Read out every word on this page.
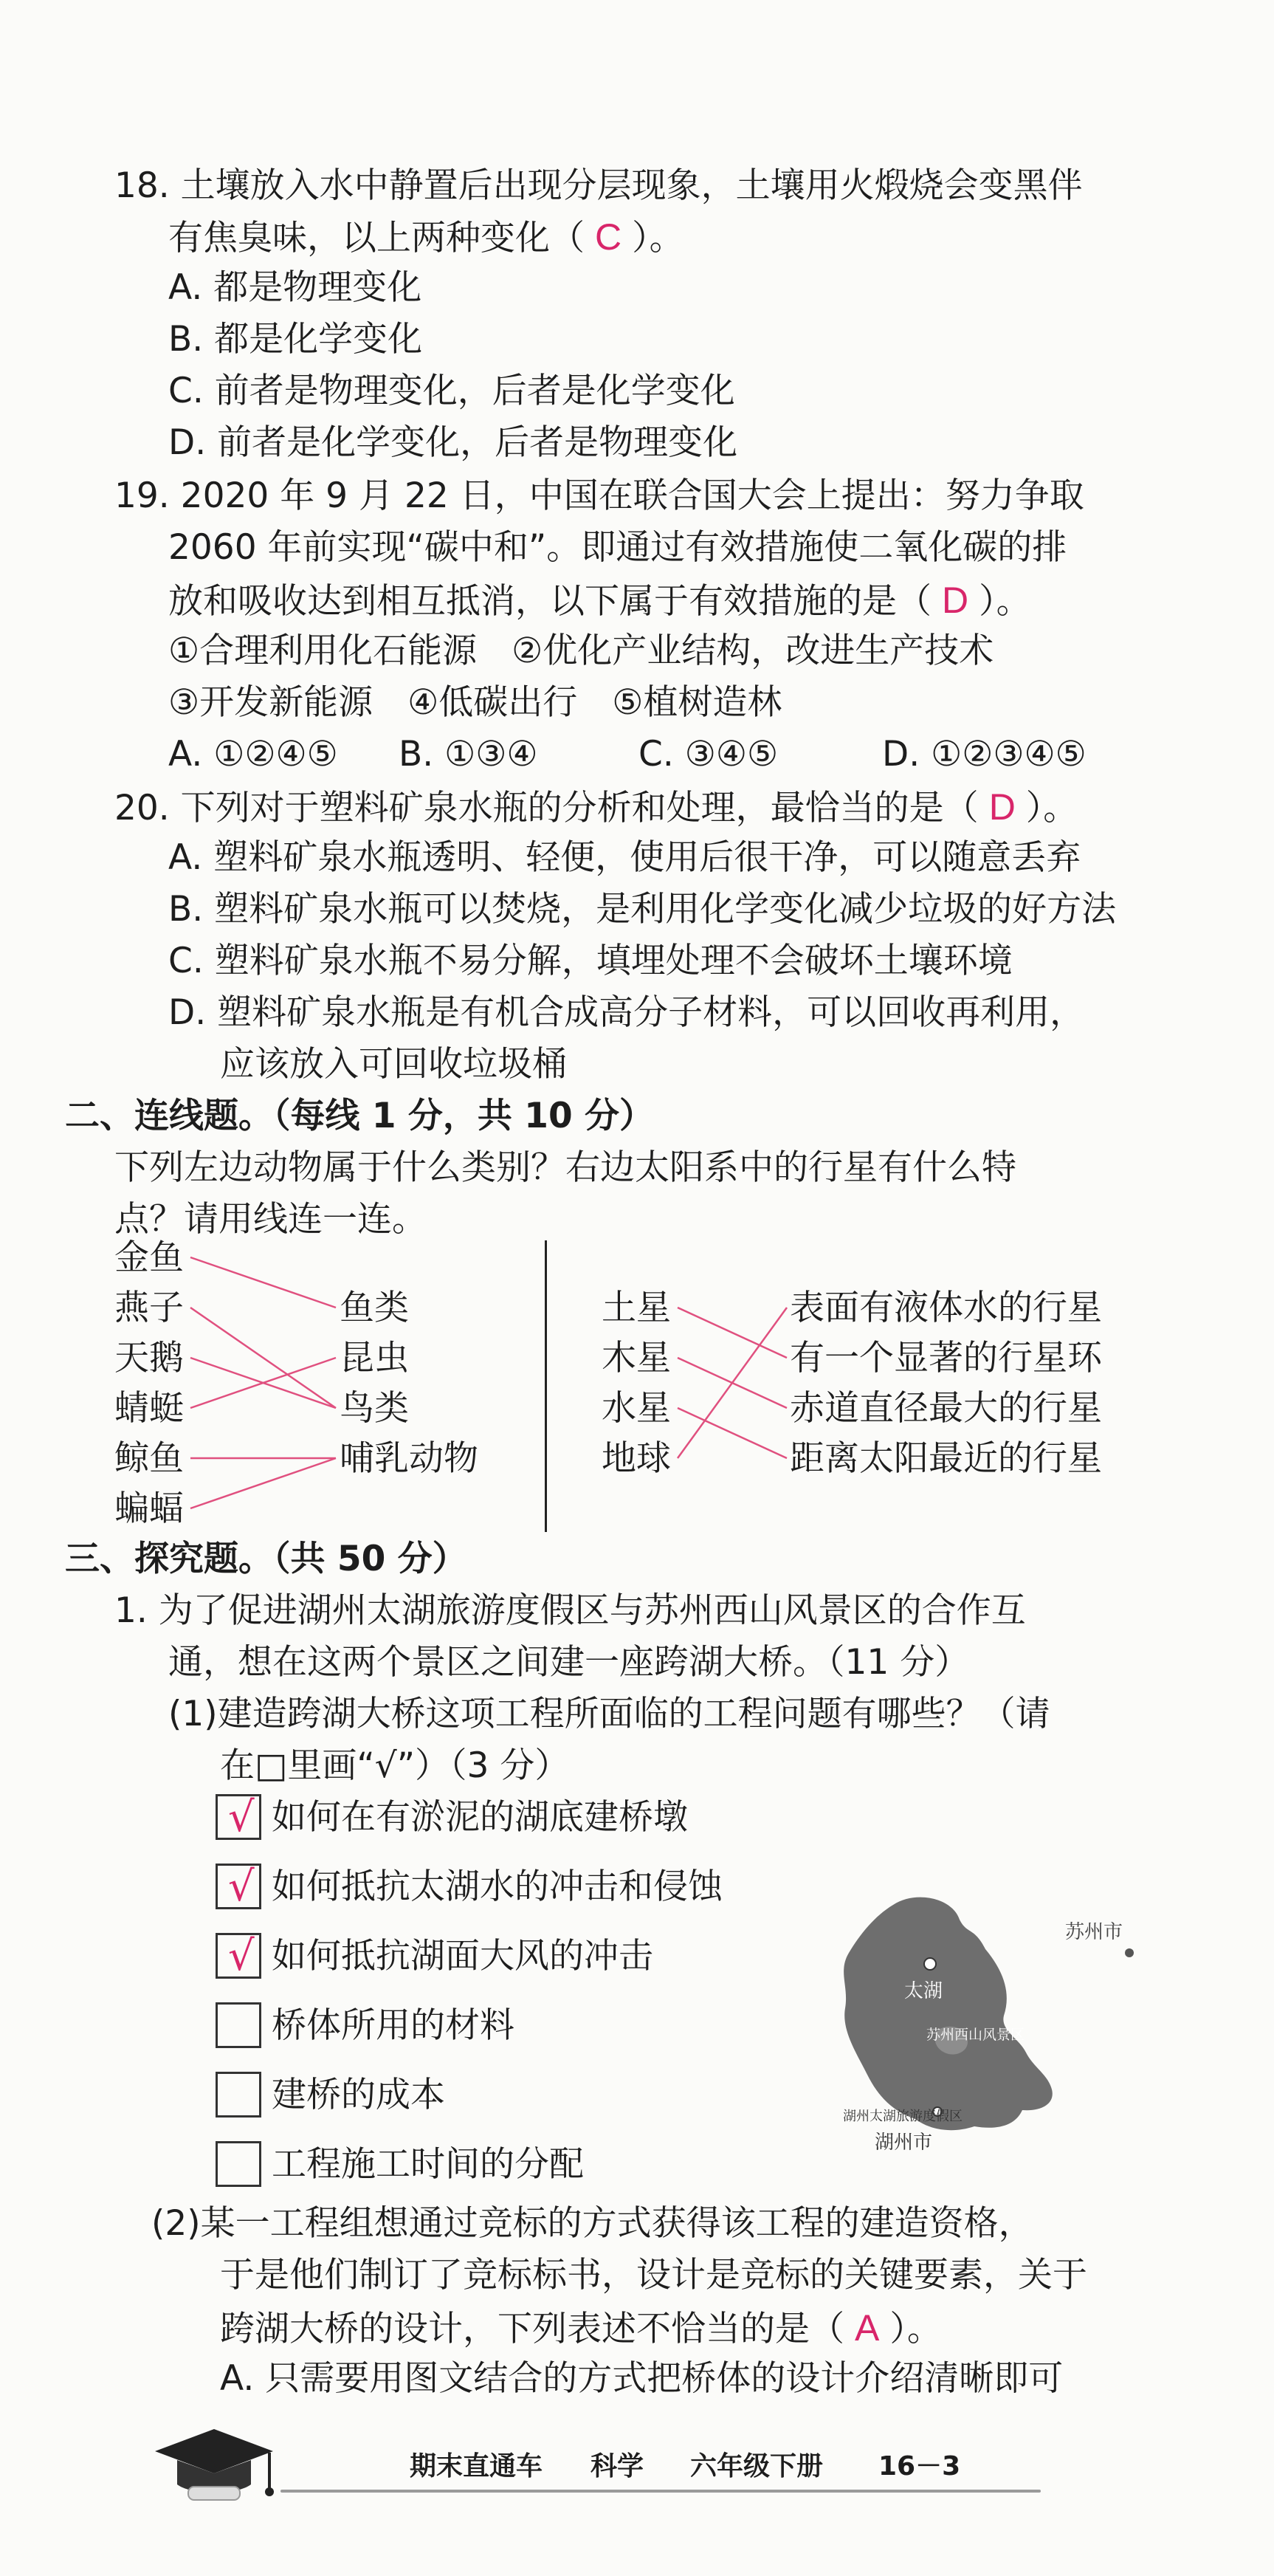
18. 土壤放入水中静置后出现分层现象，土壤用火煅烧会变黑伴
有焦臭味，以上两种变化（ C ）。
A. 都是物理变化
B. 都是化学变化
C. 前者是物理变化，后者是化学变化
D. 前者是化学变化，后者是物理变化
19. 2020 年 9 月 22 日，中国在联合国大会上提出：努力争取
2060 年前实现“碳中和”。即通过有效措施使二氧化碳的排
放和吸收达到相互抵消，以下属于有效措施的是（ D ）。
①合理利用化石能源　②优化产业结构，改进生产技术
③开发新能源　④低碳出行　⑤植树造林
A. ①②④⑤ B. ①③④	C. ③④⑤	D. ①②③④⑤
20. 下列对于塑料矿泉水瓶的分析和处理，最恰当的是（ D ）。
A. 塑料矿泉水瓶透明、轻便，使用后很干净，可以随意丢弃
B. 塑料矿泉水瓶可以焚烧，是利用化学变化减少垃圾的好方法
C. 塑料矿泉水瓶不易分解，填埋处理不会破坏土壤环境
D. 塑料矿泉水瓶是有机合成高分子材料，可以回收再利用，
应该放入可回收垃圾桶
二、连线题。（每线 1 分，共 10 分）
下列左边动物属于什么类别？右边太阳系中的行星有什么特
点？请用线连一连。
金鱼
燕子
天鹅
蜻蜓
鲸鱼
蝙蝠
鱼类
昆虫
鸟类
哺乳动物
土星
木星
水星
地球
表面有液体水的行星
有一个显著的行星环
赤道直径最大的行星
距离太阳最近的行星
三、探究题。（共 50 分）
1. 为了促进湖州太湖旅游度假区与苏州西山风景区的合作互
通，想在这两个景区之间建一座跨湖大桥。（11 分）
(1)建造跨湖大桥这项工程所面临的工程问题有哪些？（请
在□里画“√”）（3 分）
√ 如何在有淤泥的湖底建桥墩
√ 如何抵抗太湖水的冲击和侵蚀
√ 如何抵抗湖面大风的冲击
桥体所用的材料
建桥的成本
工程施工时间的分配
苏州市
太湖
苏州西山风景区
湖州太湖旅游度假区
湖州市
(2)某一工程组想通过竞标的方式获得该工程的建造资格，
于是他们制订了竞标标书，设计是竞标的关键要素，关于
跨湖大桥的设计，下列表述不恰当的是（ A ）。
A. 只需要用图文结合的方式把桥体的设计介绍清晰即可
期末直通车 科学 六年级下册 16－3
